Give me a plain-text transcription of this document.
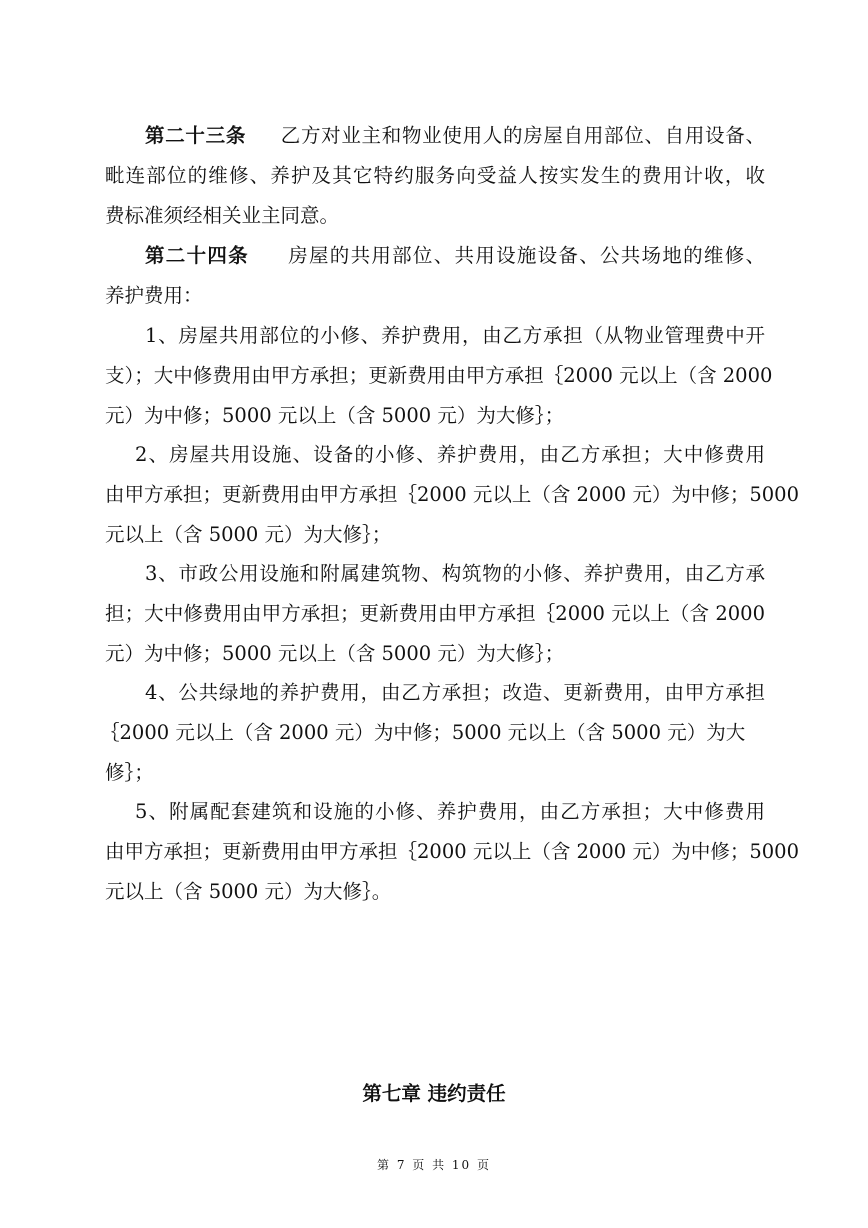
第二十三条 乙方对业主和物业使用人的房屋自用部位、自用设备、
毗连部位的维修、养护及其它特约服务向受益人按实发生的费用计收，收
费标准须经相关业主同意。
第二十四条 房屋的共用部位、共用设施设备、公共场地的维修、
养护费用：
1、房屋共用部位的小修、养护费用，由乙方承担（从物业管理费中开
支）；大中修费用由甲方承担；更新费用由甲方承担｛2000 元以上（含 2000
元）为中修；5000 元以上（含 5000 元）为大修｝；
2、房屋共用设施、设备的小修、养护费用，由乙方承担；大中修费用
由甲方承担；更新费用由甲方承担｛2000 元以上（含 2000 元）为中修；5000
元以上（含 5000 元）为大修｝；
3、市政公用设施和附属建筑物、构筑物的小修、养护费用，由乙方承
担；大中修费用由甲方承担；更新费用由甲方承担｛2000 元以上（含 2000
元）为中修；5000 元以上（含 5000 元）为大修｝；
4、公共绿地的养护费用，由乙方承担；改造、更新费用，由甲方承担
｛2000 元以上（含 2000 元）为中修；5000 元以上（含 5000 元）为大
修｝；
5、附属配套建筑和设施的小修、养护费用，由乙方承担；大中修费用
由甲方承担；更新费用由甲方承担｛2000 元以上（含 2000 元）为中修；5000
元以上（含 5000 元）为大修｝。
第七章 违约责任
第 7 页 共 10 页
